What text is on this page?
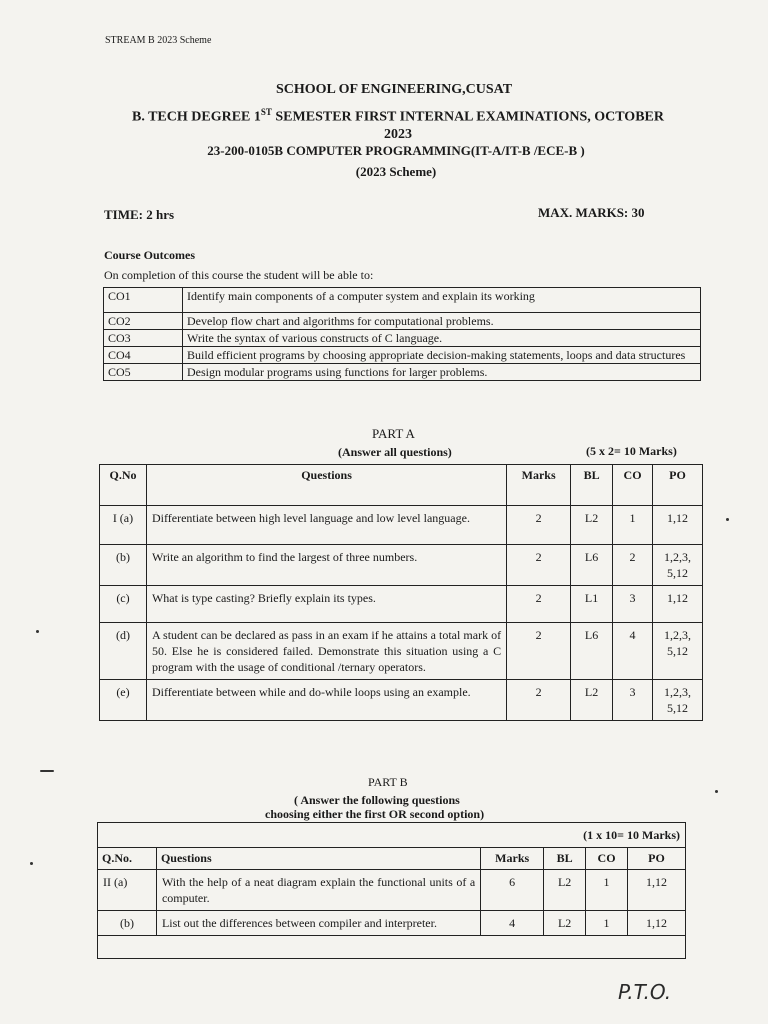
STREAM B 2023 Scheme
SCHOOL OF ENGINEERING,CUSAT
B. TECH DEGREE 1ST SEMESTER FIRST INTERNAL EXAMINATIONS, OCTOBER
2023
23-200-0105B COMPUTER PROGRAMMING(IT-A/IT-B /ECE-B )
(2023 Scheme)
TIME: 2 hrs	MAX. MARKS: 30
Course Outcomes
On completion of this course the student will be able to:
CO1	Identify main components of a computer system and explain its working
CO2	Develop flow chart and algorithms for computational problems.
CO3	Write the syntax of various constructs of C language.
CO4	Build efficient programs by choosing appropriate decision-making statements, loops and data structures
CO5	Design modular programs using functions for larger problems.
PART A
(Answer all questions)	(5 x 2= 10 Marks)
Q.No	Questions	Marks	BL	CO	PO
I (a)	Differentiate between high level language and low level language.	2	L2	1	1,12
(b)	Write an algorithm to find the largest of three numbers.	2	L6	2	1,2,3, 5,12
(c)	What is type casting? Briefly explain its types.	2	L1	3	1,12
(d)	A student can be declared as pass in an exam if he attains a total mark of 50. Else he is considered failed. Demonstrate this situation using a C program with the usage of conditional /ternary operators.	2	L6	4	1,2,3, 5,12
(e)	Differentiate between while and do-while loops using an example.	2	L2	3	1,2,3, 5,12
PART B
( Answer the following questions
choosing either the first OR second option)
(1 x 10= 10 Marks)					
Q.No.	Questions	Marks	BL	CO	PO
II (a)	With the help of a neat diagram explain the functional units of a computer.	6	L2	1	1,12
(b)	List out the differences between compiler and interpreter.	4	L2	1	1,12

P.T.O.
